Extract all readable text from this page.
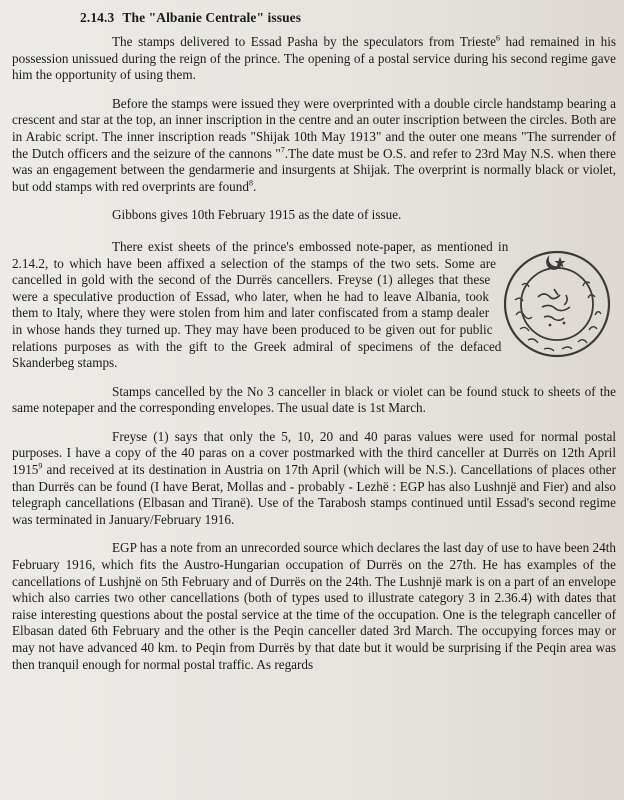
2.14.3 The "Albanie Centrale" issues

The stamps delivered to Essad Pasha by the speculators from Trieste$^6$ had remained in his possession unissued during the reign of the prince. The opening of a postal service during his second regime gave him the opportunity of using them.

Before the stamps were issued they were overprinted with a double circle handstamp bearing a crescent and star at the top, an inner inscription in the centre and an outer inscription between the circles. Both are in Arabic script. The inner inscription reads "Shijak 10th May 1913" and the outer one means "The surrender of the Dutch officers and the seizure of the cannons "$^7$.The date must be O.S. and refer to 23rd May N.S. when there was an engagement between the gendarmerie and insurgents at Shijak. The overprint is normally black or violet, but odd stamps with red overprints are found$^8$.

Gibbons gives 10th February 1915 as the date of issue.

There exist sheets of the prince's embossed note-paper, as mentioned in 2.14.2, to which have been affixed a selection of the stamps of the two sets. Some are cancelled in gold with the second of the Durrës cancellers. Freyse (1) alleges that these were a speculative production of Essad, who later, when he had to leave Albania, took them to Italy, where they were stolen from him and later confiscated from a stamp dealer in whose hands they turned up. They may have been produced to be given out for public relations purposes as with the gift to the Greek admiral of specimens of the defaced Skanderbeg stamps.

Stamps cancelled by the No 3 canceller in black or violet can be found stuck to sheets of the same notepaper and the corresponding envelopes. The usual date is 1st March.

Freyse (1) says that only the 5, 10, 20 and 40 paras values were used for normal postal purposes. I have a copy of the 40 paras on a cover postmarked with the third canceller at Durrës on 12th April 1915$^9$ and received at its destination in Austria on 17th April (which will be N.S.). Cancellations of places other than Durrës can be found (I have Berat, Mollas and - probably - Lezhë : EGP has also Lushnjë and Fier) and also telegraph cancellations (Elbasan and Tiranë). Use of the Tarabosh stamps continued until Essad's second regime was terminated in January/February 1916.

EGP has a note from an unrecorded source which declares the last day of use to have been 24th February 1916, which fits the Austro-Hungarian occupation of Durrës on the 27th. He has examples of the cancellations of Lushjnë on 5th February and of Durrës on the 24th. The Lushnjë mark is on a part of an envelope which also carries two other cancellations (both of types used to illustrate category 3 in 2.36.4) with dates that raise interesting questions about the postal service at the time of the occupation. One is the telegraph canceller of Elbasan dated 6th February and the other is the Peqin canceller dated 3rd March. The occupying forces may or may not have advanced 40 km. to Peqin from Durrës by that date but it would be surprising if the Peqin area was then tranquil enough for normal postal traffic. As regards
